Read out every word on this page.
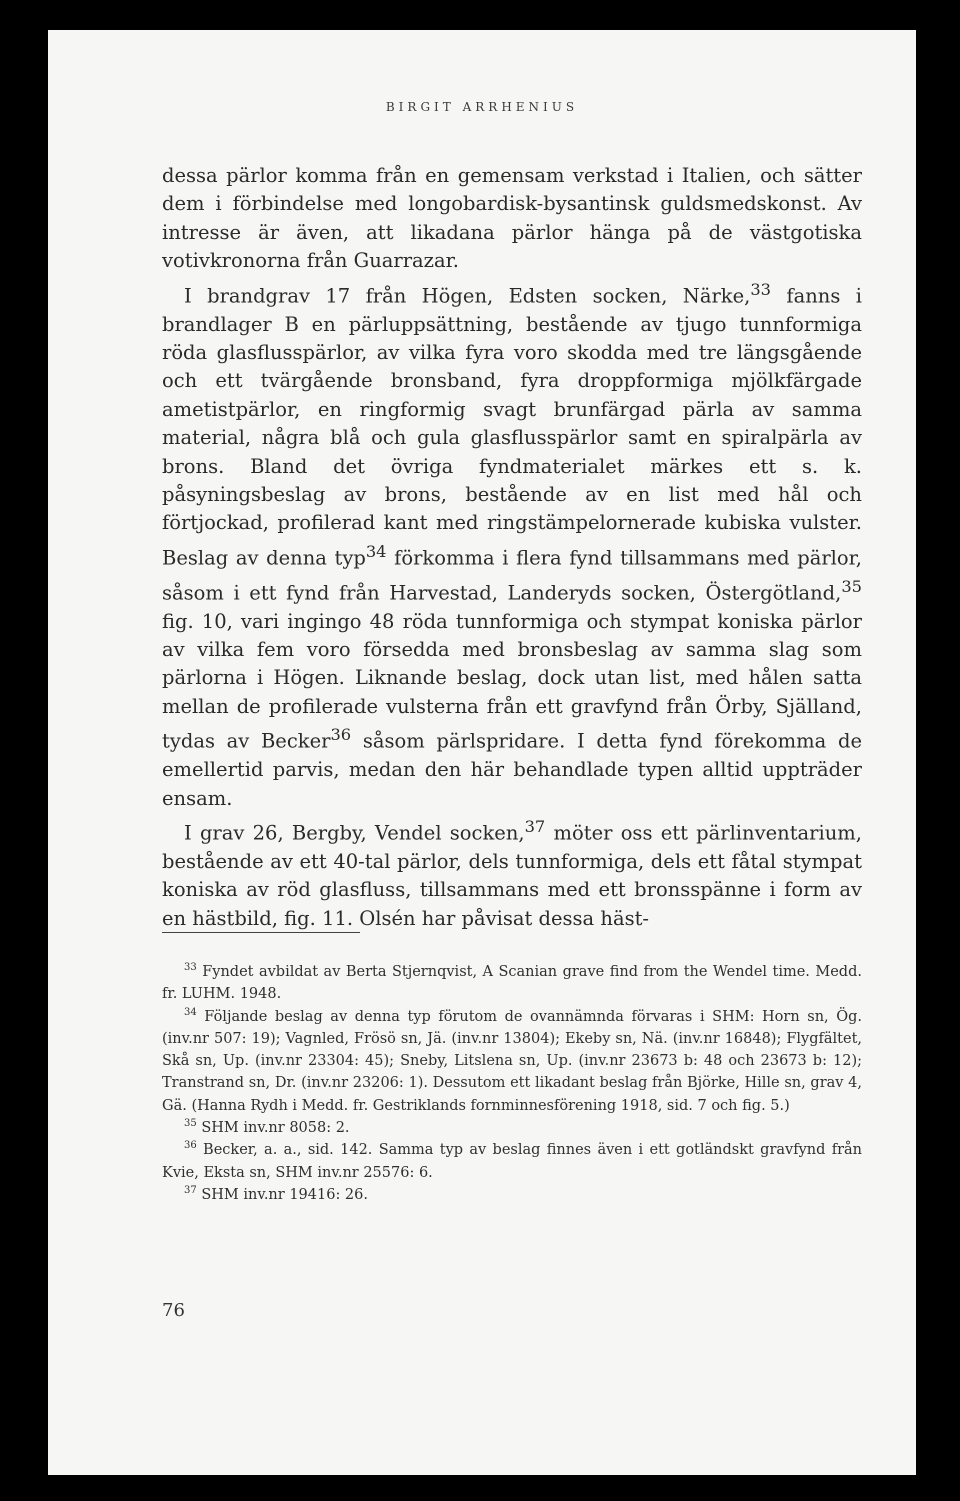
BIRGIT ARRHENIUS

dessa pärlor komma från en gemensam verkstad i Italien, och sätter dem i förbindelse med longobardisk-bysantinsk guldsmedskonst. Av intresse är även, att likadana pärlor hänga på de västgotiska votivkronorna från Guarrazar.

I brandgrav 17 från Högen, Edsten socken, Närke,$^{33}$ fanns i brandlager B en pärluppsättning, bestående av tjugo tunnformiga röda glasflusspärlor, av vilka fyra voro skodda med tre längsgående och ett tvärgående bronsband, fyra droppformiga mjölkfärgade ametistpärlor, en ringformig svagt brunfärgad pärla av samma material, några blå och gula glasflusspärlor samt en spiralpärla av brons. Bland det övriga fyndmaterialet märkes ett s. k. påsyningsbeslag av brons, bestående av en list med hål och förtjockad, profilerad kant med ringstämpelornerade kubiska vulster. Beslag av denna typ$^{34}$ förkomma i flera fynd tillsammans med pärlor, såsom i ett fynd från Harvestad, Landeryds socken, Östergötland,$^{35}$ fig. 10, vari ingingo 48 röda tunnformiga och stympat koniska pärlor av vilka fem voro försedda med bronsbeslag av samma slag som pärlorna i Högen. Liknande beslag, dock utan list, med hålen satta mellan de profilerade vulsterna från ett gravfynd från Örby, Själland, tydas av Becker$^{36}$ såsom pärlspridare. I detta fynd förekomma de emellertid parvis, medan den här behandlade typen alltid uppträder ensam.

I grav 26, Bergby, Vendel socken,$^{37}$ möter oss ett pärlinventarium, bestående av ett 40-tal pärlor, dels tunnformiga, dels ett fåtal stympat koniska av röd glasfluss, tillsammans med ett bronsspänne i form av en hästbild, fig. 11. Olsén har påvisat dessa häst-

$^{33}$ Fyndet avbildat av Berta Stjernqvist, A Scanian grave find from the Wendel time. Medd. fr. LUHM. 1948.

$^{34}$ Följande beslag av denna typ förutom de ovannämnda förvaras i SHM: Horn sn, Ög. (inv.nr 507: 19); Vagnled, Frösö sn, Jä. (inv.nr 13804); Ekeby sn, Nä. (inv.nr 16848); Flygfältet, Skå sn, Up. (inv.nr 23304: 45); Sneby, Litslena sn, Up. (inv.nr 23673 b: 48 och 23673 b: 12); Transtrand sn, Dr. (inv.nr 23206: 1). Dessutom ett likadant beslag från Björke, Hille sn, grav 4, Gä. (Hanna Rydh i Medd. fr. Gestriklands fornminnesförening 1918, sid. 7 och fig. 5.)

$^{35}$ SHM inv.nr 8058: 2.

$^{36}$ Becker, a. a., sid. 142. Samma typ av beslag finnes även i ett gotländskt gravfynd från Kvie, Eksta sn, SHM inv.nr 25576: 6.

$^{37}$ SHM inv.nr 19416: 26.

76
